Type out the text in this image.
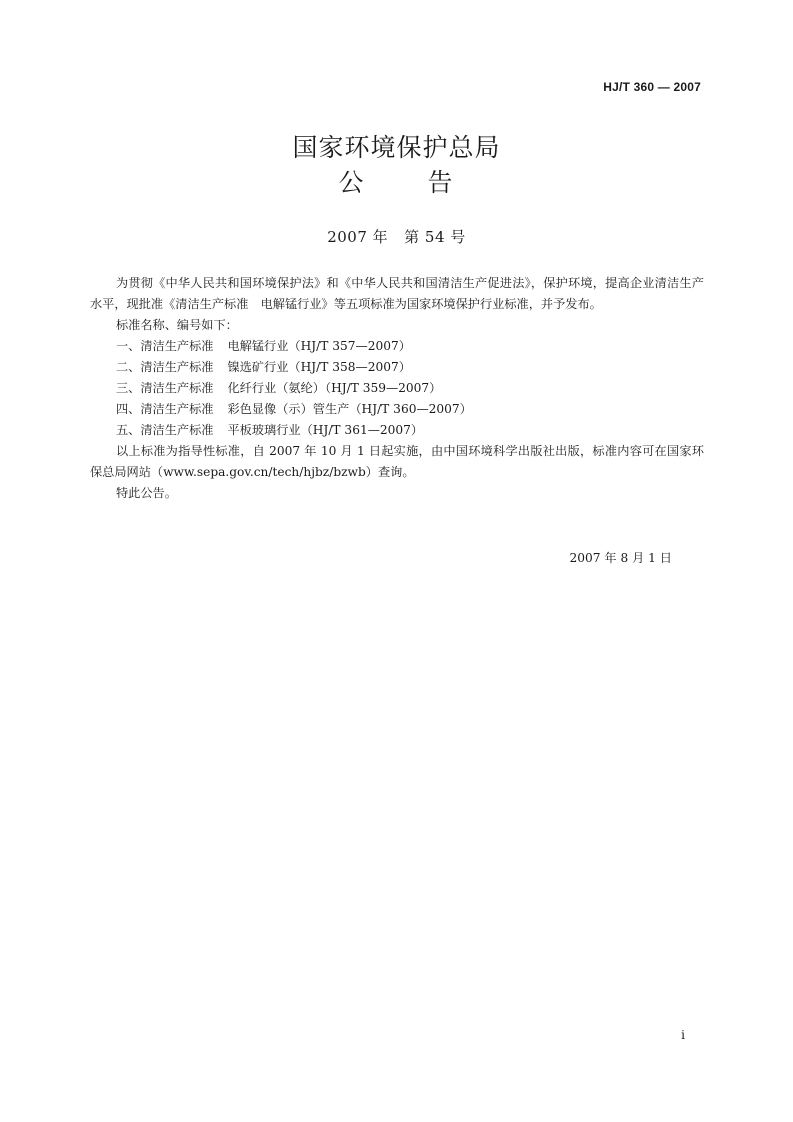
HJ/T 360 — 2007
国家环境保护总局
公 告
2007 年 第 54 号

为贯彻《中华人民共和国环境保护法》和《中华人民共和国清洁生产促进法》，保护环境，提高企业清洁生产水平，现批准《清洁生产标准　电解锰行业》等五项标准为国家环境保护行业标准，并予发布。

标准名称、编号如下：

一、清洁生产标准 电解锰行业（HJ/T 357—2007）

二、清洁生产标准 镍选矿行业（HJ/T 358—2007）

三、清洁生产标准 化纤行业（氨纶）（HJ/T 359—2007）

四、清洁生产标准 彩色显像（示）管生产（HJ/T 360—2007）

五、清洁生产标准 平板玻璃行业（HJ/T 361—2007）

以上标准为指导性标准，自 2007 年 10 月 1 日起实施，由中国环境科学出版社出版，标准内容可在国家环保总局网站（www.sepa.gov.cn/tech/hjbz/bzwb）查询。

特此公告。

2007 年 8 月 1 日
i
